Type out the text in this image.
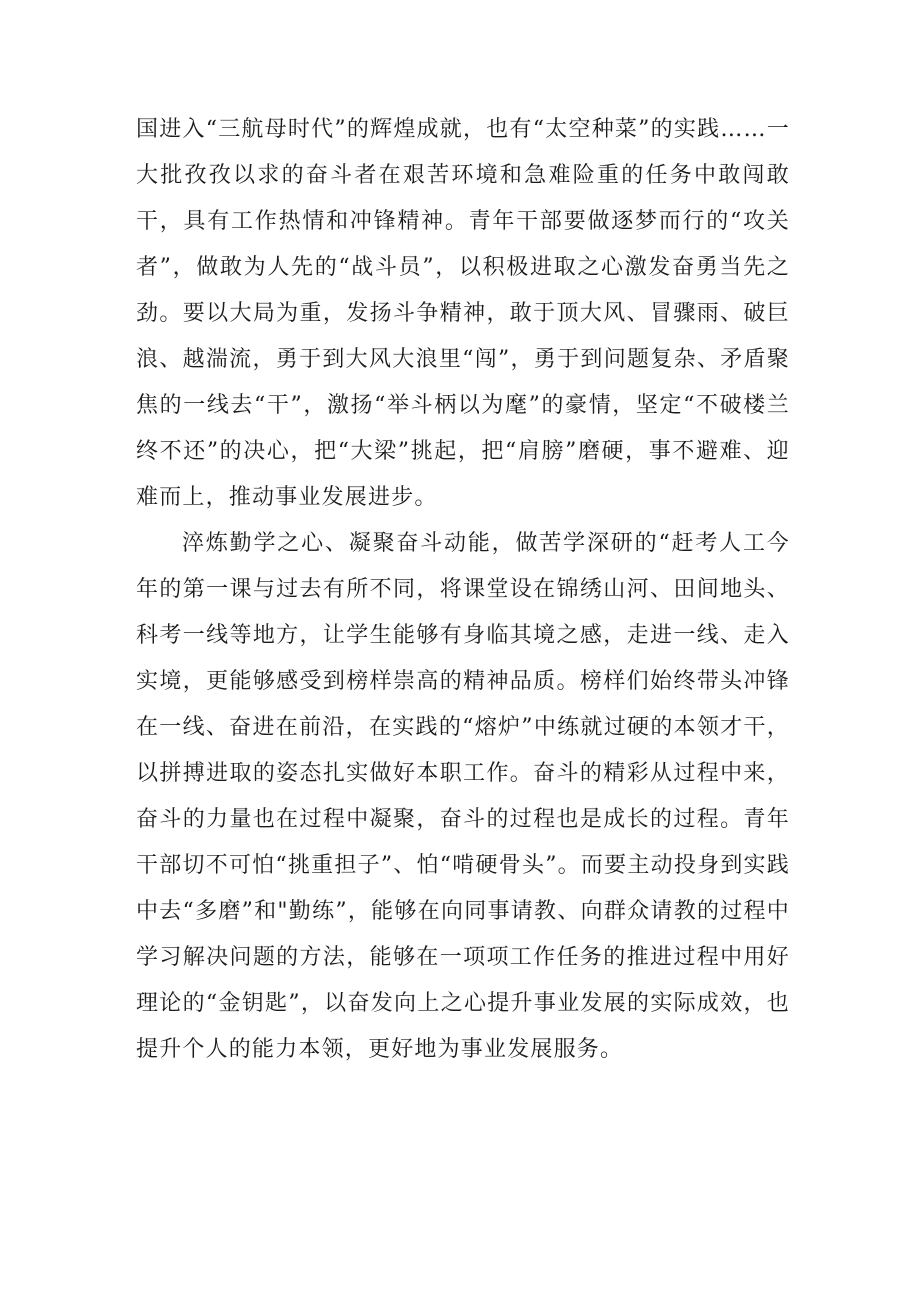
国进入“三航母时代”的辉煌成就，也有“太空种菜”的实践……一大批孜孜以求的奋斗者在艰苦环境和急难险重的任务中敢闯敢干，具有工作热情和冲锋精神。青年干部要做逐梦而行的“攻关者”，做敢为人先的“战斗员”，以积极进取之心激发奋勇当先之劲。要以大局为重，发扬斗争精神，敢于顶大风、冒骤雨、破巨浪、越湍流，勇于到大风大浪里“闯”，勇于到问题复杂、矛盾聚焦的一线去“干”，激扬“举斗柄以为麾”的豪情，坚定“不破楼兰终不还”的决心，把“大梁”挑起，把“肩膀”磨硬，事不避难、迎难而上，推动事业发展进步。

淬炼勤学之心、凝聚奋斗动能，做苦学深研的“赶考人工今年的第一课与过去有所不同，将课堂设在锦绣山河、田间地头、科考一线等地方，让学生能够有身临其境之感，走进一线、走入实境，更能够感受到榜样崇高的精神品质。榜样们始终带头冲锋在一线、奋进在前沿，在实践的“熔炉”中练就过硬的本领才干，以拼搏进取的姿态扎实做好本职工作。奋斗的精彩从过程中来，奋斗的力量也在过程中凝聚，奋斗的过程也是成长的过程。青年干部切不可怕“挑重担子”、怕“啃硬骨头”。而要主动投身到实践中去“多磨”和"勤练”，能够在向同事请教、向群众请教的过程中学习解决问题的方法，能够在一项项工作任务的推进过程中用好理论的“金钥匙”，以奋发向上之心提升事业发展的实际成效，也提升个人的能力本领，更好地为事业发展服务。
